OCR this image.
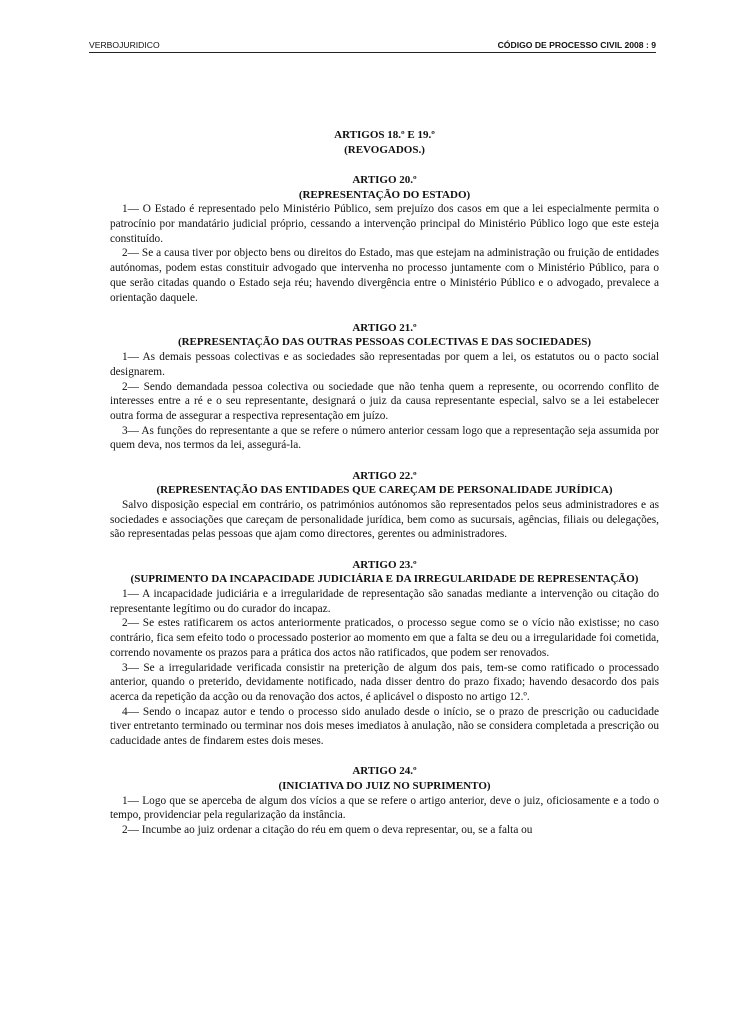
VERBOJURIDICO	CÓDIGO DE PROCESSO CIVIL 2008 : 9

ARTIGOS 18.º E 19.º

(REVOGADOS.)

ARTIGO 20.º

(REPRESENTAÇÃO DO ESTADO)

1— O Estado é representado pelo Ministério Público, sem prejuízo dos casos em que a lei especialmente permita o patrocínio por mandatário judicial próprio, cessando a intervenção principal do Ministério Público logo que este esteja constituído.

2— Se a causa tiver por objecto bens ou direitos do Estado, mas que estejam na administração ou fruição de entidades autónomas, podem estas constituir advogado que intervenha no processo juntamente com o Ministério Público, para o que serão citadas quando o Estado seja réu; havendo divergência entre o Ministério Público e o advogado, prevalece a orientação daquele.

ARTIGO 21.º

(REPRESENTAÇÃO DAS OUTRAS PESSOAS COLECTIVAS E DAS SOCIEDADES)

1— As demais pessoas colectivas e as sociedades são representadas por quem a lei, os estatutos ou o pacto social designarem.

2— Sendo demandada pessoa colectiva ou sociedade que não tenha quem a represente, ou ocorrendo conflito de interesses entre a ré e o seu representante, designará o juiz da causa representante especial, salvo se a lei estabelecer outra forma de assegurar a respectiva representação em juízo.

3— As funções do representante a que se refere o número anterior cessam logo que a representação seja assumida por quem deva, nos termos da lei, assegurá-la.

ARTIGO 22.º

(REPRESENTAÇÃO DAS ENTIDADES QUE CAREÇAM DE PERSONALIDADE JURÍDICA)

Salvo disposição especial em contrário, os patrimónios autónomos são representados pelos seus administradores e as sociedades e associações que careçam de personalidade jurídica, bem como as sucursais, agências, filiais ou delegações, são representadas pelas pessoas que ajam como directores, gerentes ou administradores.

ARTIGO 23.º

(SUPRIMENTO DA INCAPACIDADE JUDICIÁRIA E DA IRREGULARIDADE DE REPRESENTAÇÃO)

1— A incapacidade judiciária e a irregularidade de representação são sanadas mediante a intervenção ou citação do representante legítimo ou do curador do incapaz.

2— Se estes ratificarem os actos anteriormente praticados, o processo segue como se o vício não existisse; no caso contrário, fica sem efeito todo o processado posterior ao momento em que a falta se deu ou a irregularidade foi cometida, correndo novamente os prazos para a prática dos actos não ratificados, que podem ser renovados.

3— Se a irregularidade verificada consistir na preterição de algum dos pais, tem-se como ratificado o processado anterior, quando o preterido, devidamente notificado, nada disser dentro do prazo fixado; havendo desacordo dos pais acerca da repetição da acção ou da renovação dos actos, é aplicável o disposto no artigo 12.º.

4— Sendo o incapaz autor e tendo o processo sido anulado desde o início, se o prazo de prescrição ou caducidade tiver entretanto terminado ou terminar nos dois meses imediatos à anulação, não se considera completada a prescrição ou caducidade antes de findarem estes dois meses.

ARTIGO 24.º

(INICIATIVA DO JUIZ NO SUPRIMENTO)

1— Logo que se aperceba de algum dos vícios a que se refere o artigo anterior, deve o juiz, oficiosamente e a todo o tempo, providenciar pela regularização da instância.

2— Incumbe ao juiz ordenar a citação do réu em quem o deva representar, ou, se a falta ou
